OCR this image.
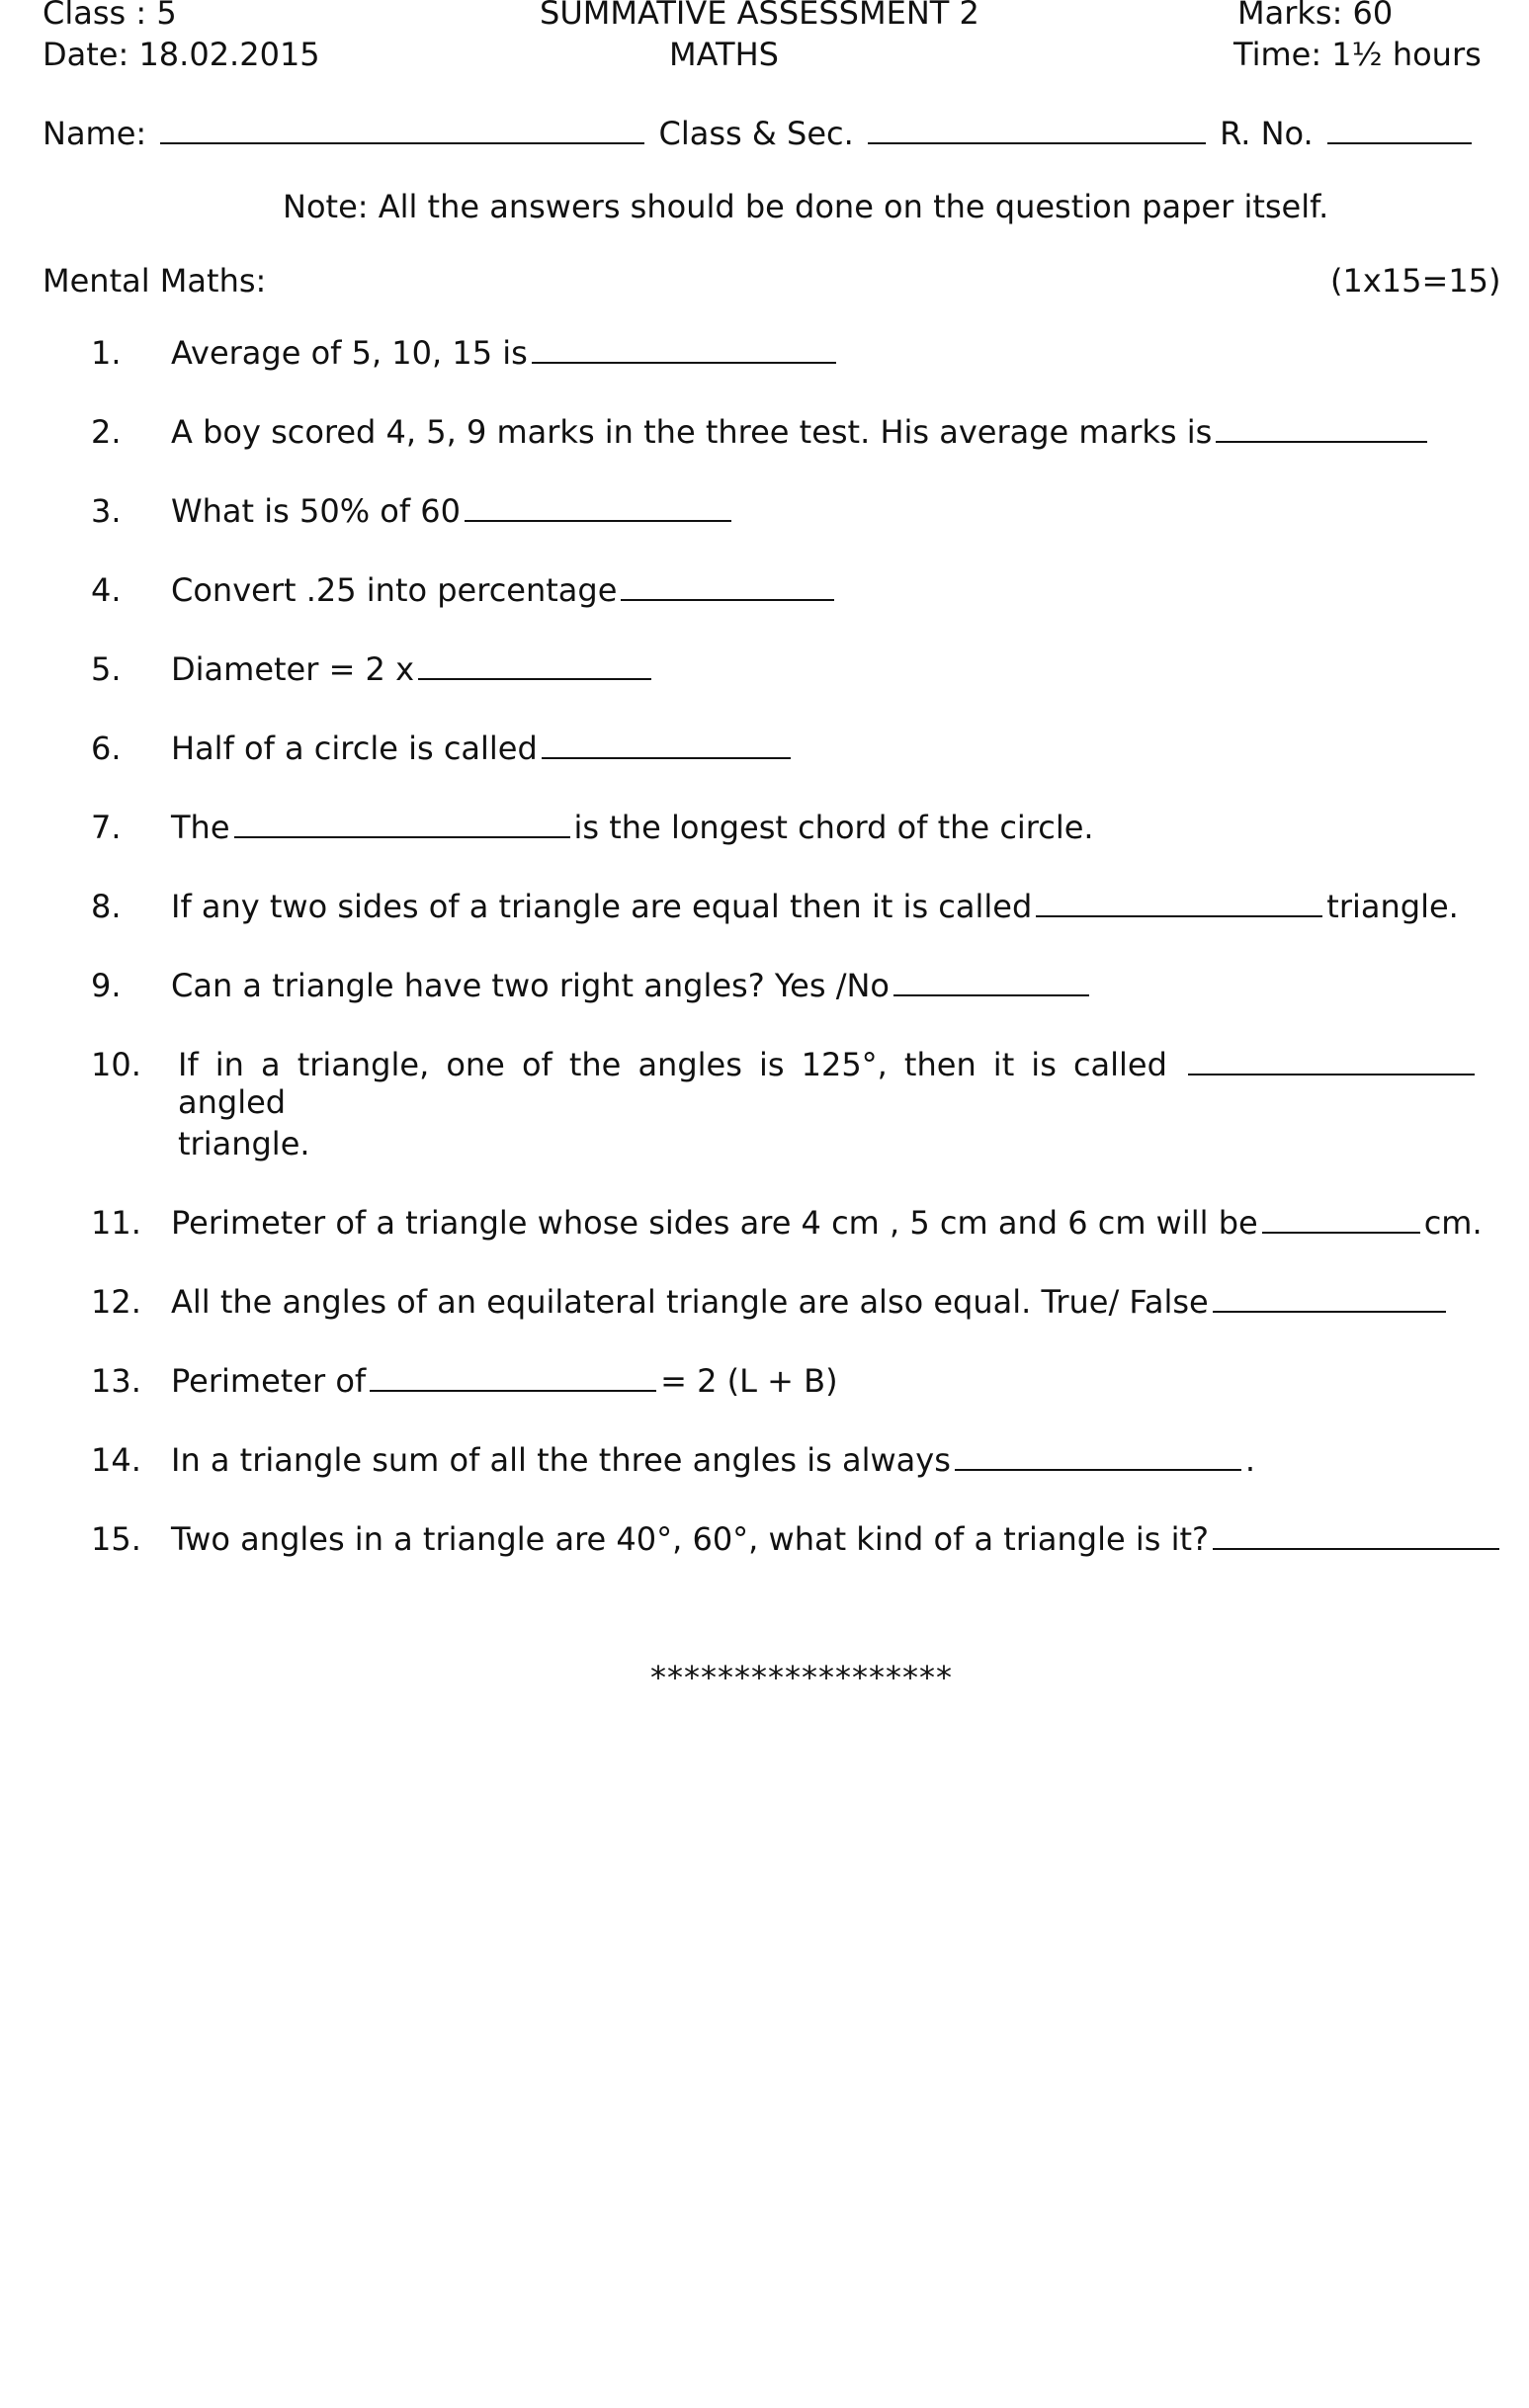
Class : 5	SUMMATIVE ASSESSMENT 2	Marks: 60
Date: 18.02.2015	MATHS	Time: 1½ hours
Name:	Class & Sec.	R. No.
Note: All the answers should be done on the question paper itself.
Mental Maths:	(1x15=15)
1. Average of 5, 10, 15 is
2. A boy scored 4, 5, 9 marks in the three test. His average marks is
3. What is 50% of 60
4. Convert .25 into percentage
5. Diameter = 2 x
6. Half of a circle is called
7. The	is the longest chord of the circle.
8. If any two sides of a triangle are equal then it is called	triangle.
9. Can a triangle have two right angles? Yes /No
10. If in a triangle, one of the angles is 125°, then it is called  angled
triangle.
11. Perimeter of a triangle whose sides are 4 cm , 5 cm and 6 cm will be	cm.
12. All the angles of an equilateral triangle are also equal. True/ False
13. Perimeter of	= 2 (L + B)
14. In a triangle sum of all the three angles is always	.
15. Two angles in a triangle are 40°, 60°, what kind of a triangle is it?
******************
